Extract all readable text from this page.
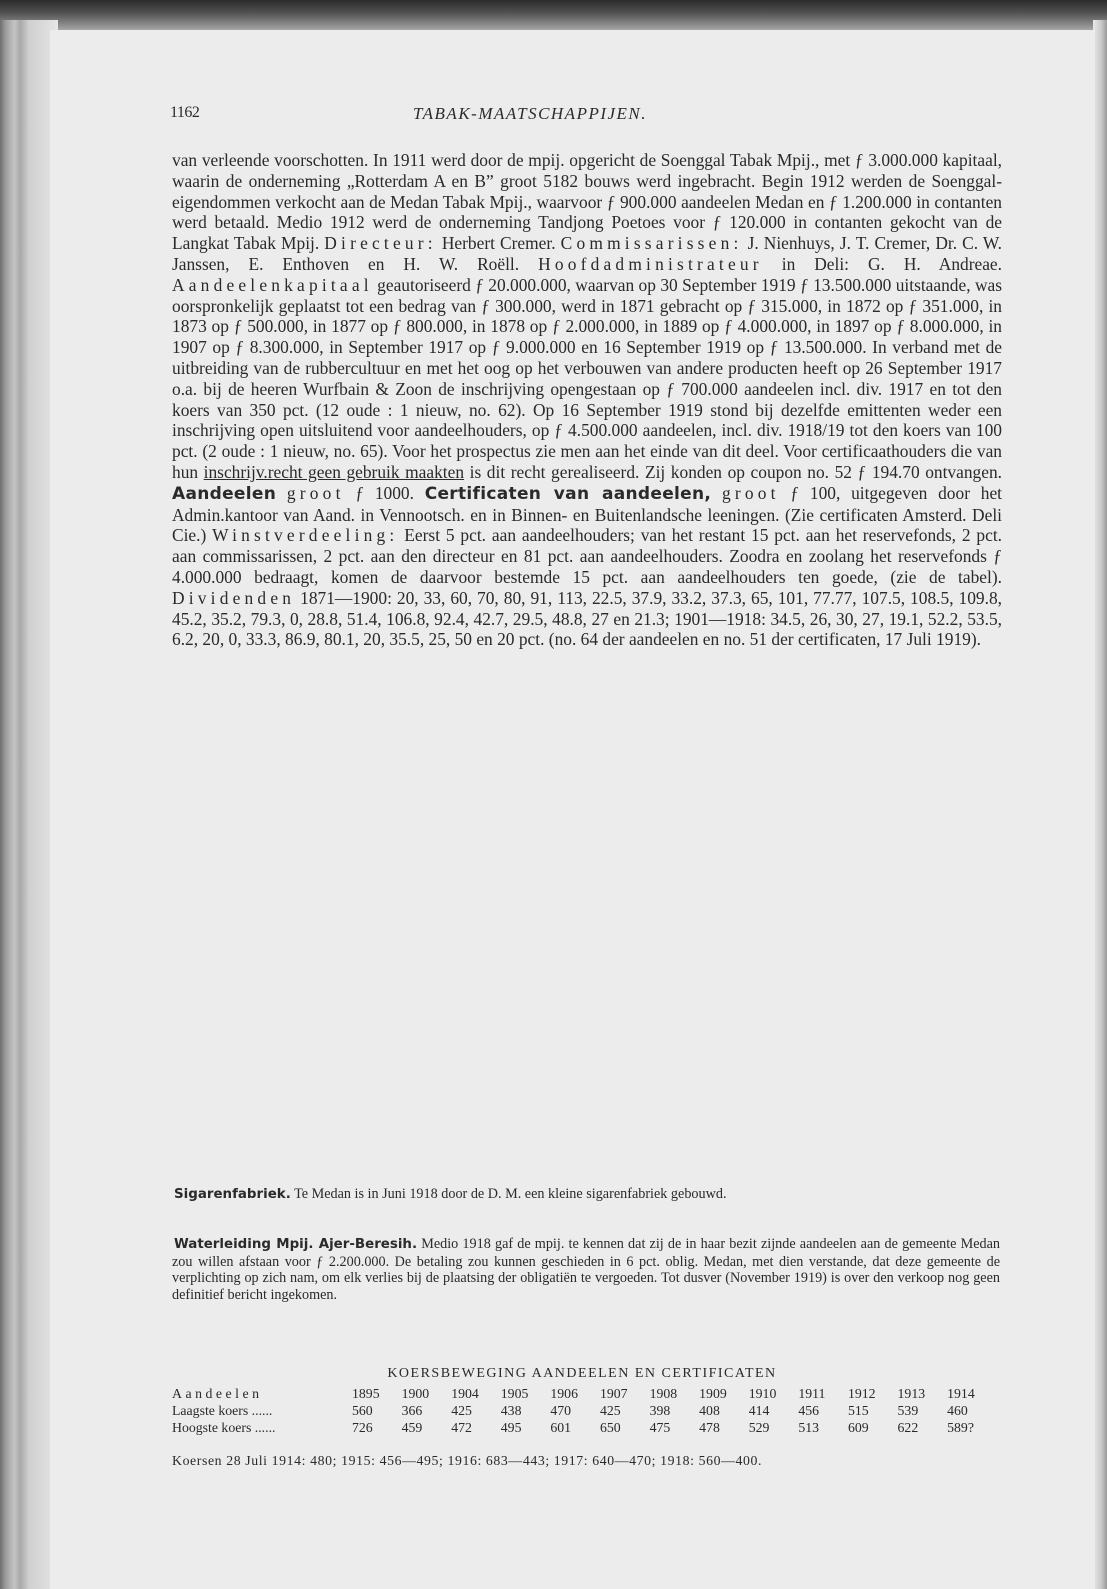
1162	TABAK-MAATSCHAPPIJEN.

van verleende voorschotten. In 1911 werd door de mpij. opgericht de Soenggal Tabak Mpij., met ƒ 3.000.000 kapitaal, waarin de onderneming „Rotterdam A en B” groot 5182 bouws werd ingebracht. Begin 1912 werden de Soenggal-eigendommen verkocht aan de Medan Tabak Mpij., waarvoor ƒ 900.000 aandeelen Medan en ƒ 1.200.000 in contanten werd betaald. Medio 1912 werd de onderneming Tandjong Poetoes voor ƒ 120.000 in contanten gekocht van de Langkat Tabak Mpij. Directeur: Herbert Cremer. Commissarissen: J. Nienhuys, J. T. Cremer, Dr. C. W. Janssen, E. Enthoven en H. W. Roëll. Hoofdadministrateur in Deli: G. H. Andreae. Aandeelenkapitaal geautoriseerd ƒ 20.000.000, waarvan op 30 September 1919 ƒ 13.500.000 uitstaande, was oorspronkelijk geplaatst tot een bedrag van ƒ 300.000, werd in 1871 gebracht op ƒ 315.000, in 1872 op ƒ 351.000, in 1873 op ƒ 500.000, in 1877 op ƒ 800.000, in 1878 op ƒ 2.000.000, in 1889 op ƒ 4.000.000, in 1897 op ƒ 8.000.000, in 1907 op ƒ 8.300.000, in September 1917 op ƒ 9.000.000 en 16 September 1919 op ƒ 13.500.000. In verband met de uitbreiding van de rubbercultuur en met het oog op het verbouwen van andere producten heeft op 26 September 1917 o.a. bij de heeren Wurfbain & Zoon de inschrijving opengestaan op ƒ 700.000 aandeelen incl. div. 1917 en tot den koers van 350 pct. (12 oude : 1 nieuw, no. 62). Op 16 September 1919 stond bij dezelfde emittenten weder een inschrijving open uitsluitend voor aandeelhouders, op ƒ 4.500.000 aandeelen, incl. div. 1918/19 tot den koers van 100 pct. (2 oude : 1 nieuw, no. 65). Voor het prospectus zie men aan het einde van dit deel. Voor certificaathouders die van hun inschrijv.recht geen gebruik maakten is dit recht gerealiseerd. Zij konden op coupon no. 52 ƒ 194.70 ontvangen. Aandeelen groot ƒ 1000. Certificaten van aandeelen, groot ƒ 100, uitgegeven door het Admin.kantoor van Aand. in Vennootsch. en in Binnen- en Buitenlandsche leeningen. (Zie certificaten Amsterd. Deli Cie.) Winstverdeeling: Eerst 5 pct. aan aandeelhouders; van het restant 15 pct. aan het reservefonds, 2 pct. aan commissarissen, 2 pct. aan den directeur en 81 pct. aan aandeelhouders. Zoodra en zoolang het reservefonds ƒ 4.000.000 bedraagt, komen de daarvoor bestemde 15 pct. aan aandeelhouders ten goede, (zie de tabel). Dividenden 1871—1900: 20, 33, 60, 70, 80, 91, 113, 22.5, 37.9, 33.2, 37.3, 65, 101, 77.77, 107.5, 108.5, 109.8, 45.2, 35.2, 79.3, 0, 28.8, 51.4, 106.8, 92.4, 42.7, 29.5, 48.8, 27 en 21.3; 1901—1918: 34.5, 26, 30, 27, 19.1, 52.2, 53.5, 6.2, 20, 0, 33.3, 86.9, 80.1, 20, 35.5, 25, 50 en 20 pct. (no. 64 der aandeelen en no. 51 der certificaten, 17 Juli 1919).

Sigarenfabriek. Te Medan is in Juni 1918 door de D. M. een kleine sigarenfabriek gebouwd.

Waterleiding Mpij. Ajer-Beresih. Medio 1918 gaf de mpij. te kennen dat zij de in haar bezit zijnde aandeelen aan de gemeente Medan zou willen afstaan voor ƒ 2.200.000. De betaling zou kunnen geschieden in 6 pct. oblig. Medan, met dien verstande, dat deze gemeente de verplichting op zich nam, om elk verlies bij de plaatsing der obligatiën te vergoeden. Tot dusver (November 1919) is over den verkoop nog geen definitief bericht ingekomen.

KOERSBEWEGING AANDEELEN EN CERTIFICATEN
Aandeelen	1895	1900	1904	1905	1906	1907	1908	1909	1910	1911	1912	1913	1914
Laagste koers ......	560	366	425	438	470	425	398	408	414	456	515	539	460
Hoogste koers ......	726	459	472	495	601	650	475	478	529	513	609	622	589?
Koersen 28 Juli 1914: 480; 1915: 456—495; 1916: 683—443; 1917: 640—470; 1918: 560—400.
